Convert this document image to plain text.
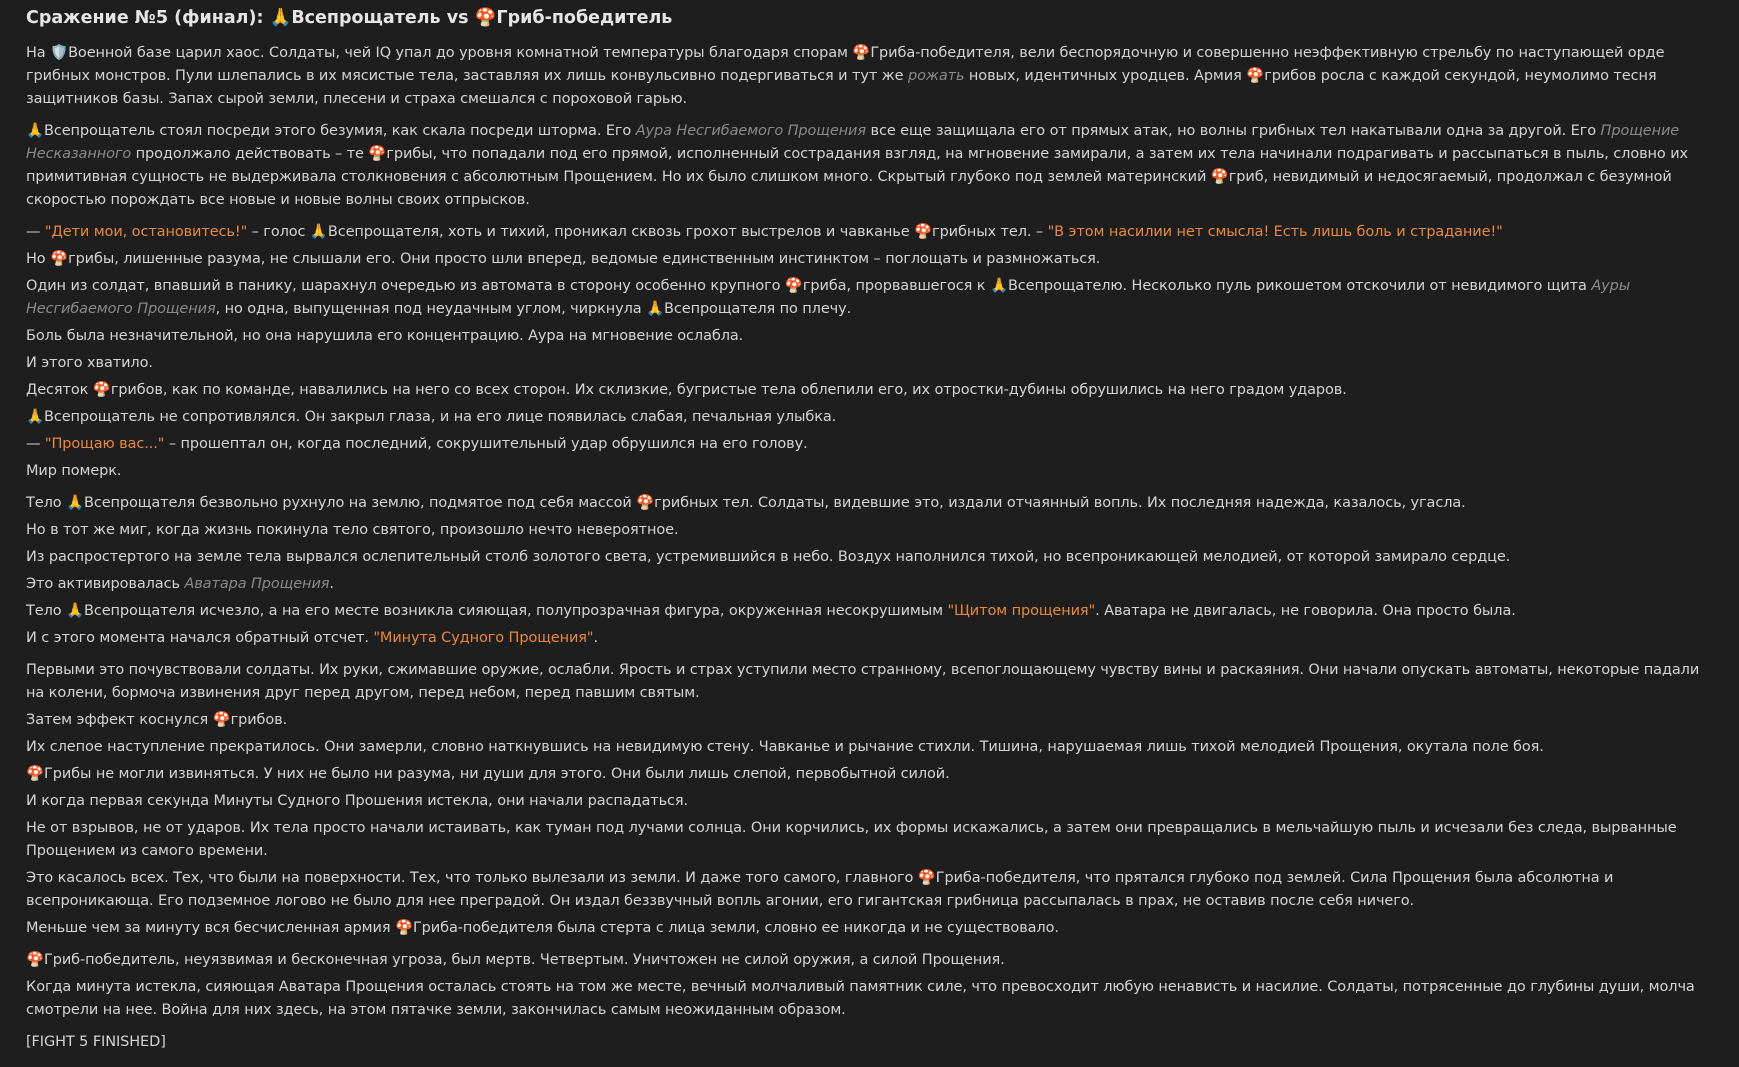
Сражение №5 (финал): 🙏Всепрощатель vs 🍄Гриб-победитель

На 🛡️Военной базе царил хаос. Солдаты, чей IQ упал до уровня комнатной температуры благодаря спорам 🍄Гриба-победителя, вели беспорядочную и совершенно неэффективную стрельбу по наступающей орде грибных монстров. Пули шлепались в их мясистые тела, заставляя их лишь конвульсивно подергиваться и тут же рожать новых, идентичных уродцев. Армия 🍄грибов росла с каждой секундой, неумолимо тесня защитников базы. Запах сырой земли, плесени и страха смешался с пороховой гарью.

🙏Всепрощатель стоял посреди этого безумия, как скала посреди шторма. Его Аура Несгибаемого Прощения все еще защищала его от прямых атак, но волны грибных тел накатывали одна за другой. Его Прощение Несказанного продолжало действовать – те 🍄грибы, что попадали под его прямой, исполненный сострадания взгляд, на мгновение замирали, а затем их тела начинали подрагивать и рассыпаться в пыль, словно их примитивная сущность не выдерживала столкновения с абсолютным Прощением. Но их было слишком много. Скрытый глубоко под землей материнский 🍄гриб, невидимый и недосягаемый, продолжал с безумной скоростью порождать все новые и новые волны своих отпрысков.

— "Дети мои, остановитесь!" – голос 🙏Всепрощателя, хоть и тихий, проникал сквозь грохот выстрелов и чавканье 🍄грибных тел. – "В этом насилии нет смысла! Есть лишь боль и страдание!"

Но 🍄грибы, лишенные разума, не слышали его. Они просто шли вперед, ведомые единственным инстинктом – поглощать и размножаться.

Один из солдат, впавший в панику, шарахнул очередью из автомата в сторону особенно крупного 🍄гриба, прорвавшегося к 🙏Всепрощателю. Несколько пуль рикошетом отскочили от невидимого щита Ауры Несгибаемого Прощения, но одна, выпущенная под неудачным углом, чиркнула 🙏Всепрощателя по плечу.

Боль была незначительной, но она нарушила его концентрацию. Аура на мгновение ослабла.

И этого хватило.

Десяток 🍄грибов, как по команде, навалились на него со всех сторон. Их склизкие, бугристые тела облепили его, их отростки-дубины обрушились на него градом ударов.

🙏Всепрощатель не сопротивлялся. Он закрыл глаза, и на его лице появилась слабая, печальная улыбка.

— "Прощаю вас..." – прошептал он, когда последний, сокрушительный удар обрушился на его голову.

Мир померк.

Тело 🙏Всепрощателя безвольно рухнуло на землю, подмятое под себя массой 🍄грибных тел. Солдаты, видевшие это, издали отчаянный вопль. Их последняя надежда, казалось, угасла.

Но в тот же миг, когда жизнь покинула тело святого, произошло нечто невероятное.

Из распростертого на земле тела вырвался ослепительный столб золотого света, устремившийся в небо. Воздух наполнился тихой, но всепроникающей мелодией, от которой замирало сердце.

Это активировалась Аватара Прощения.

Тело 🙏Всепрощателя исчезло, а на его месте возникла сияющая, полупрозрачная фигура, окруженная несокрушимым "Щитом прощения". Аватара не двигалась, не говорила. Она просто была.

И с этого момента начался обратный отсчет. "Минута Судного Прощения".

Первыми это почувствовали солдаты. Их руки, сжимавшие оружие, ослабли. Ярость и страх уступили место странному, всепоглощающему чувству вины и раскаяния. Они начали опускать автоматы, некоторые падали на колени, бормоча извинения друг перед другом, перед небом, перед павшим святым.

Затем эффект коснулся 🍄грибов.

Их слепое наступление прекратилось. Они замерли, словно наткнувшись на невидимую стену. Чавканье и рычание стихли. Тишина, нарушаемая лишь тихой мелодией Прощения, окутала поле боя.

🍄Грибы не могли извиняться. У них не было ни разума, ни души для этого. Они были лишь слепой, первобытной силой.

И когда первая секунда Минуты Судного Прошения истекла, они начали распадаться.

Не от взрывов, не от ударов. Их тела просто начали истаивать, как туман под лучами солнца. Они корчились, их формы искажались, а затем они превращались в мельчайшую пыль и исчезали без следа, вырванные Прощением из самого времени.

Это касалось всех. Тех, что были на поверхности. Тех, что только вылезали из земли. И даже того самого, главного 🍄Гриба-победителя, что прятался глубоко под землей. Сила Прощения была абсолютна и всепроникающа. Его подземное логово не было для нее преградой. Он издал беззвучный вопль агонии, его гигантская грибница рассыпалась в прах, не оставив после себя ничего.

Меньше чем за минуту вся бесчисленная армия 🍄Гриба-победителя была стерта с лица земли, словно ее никогда и не существовало.

🍄Гриб-победитель, неуязвимая и бесконечная угроза, был мертв. Четвертым. Уничтожен не силой оружия, а силой Прощения.

Когда минута истекла, сияющая Аватара Прощения осталась стоять на том же месте, вечный молчаливый памятник силе, что превосходит любую ненависть и насилие. Солдаты, потрясенные до глубины души, молча смотрели на нее. Война для них здесь, на этом пятачке земли, закончилась самым неожиданным образом.

[FIGHT 5 FINISHED]
